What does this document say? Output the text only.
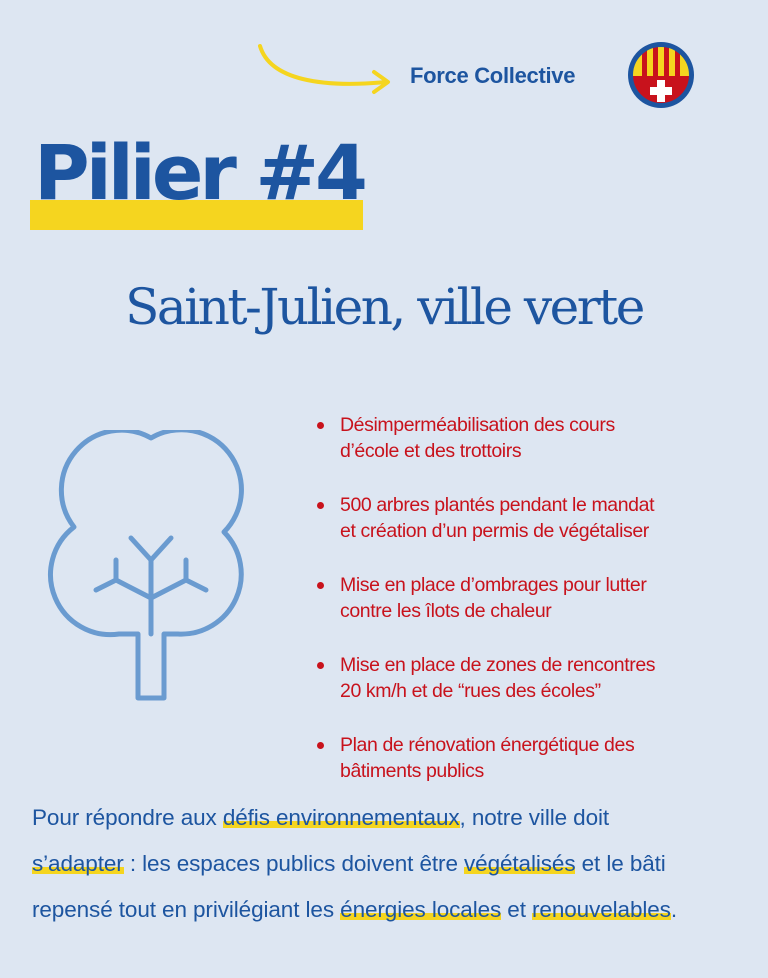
Force Collective
Pilier #4
Saint-Julien, ville verte
Désimperméabilisation des cours
d’école et des trottoirs
500 arbres plantés pendant le mandat
et création d’un permis de végétaliser
Mise en place d’ombrages pour lutter
contre les îlots de chaleur
Mise en place de zones de rencontres
20 km/h et de “rues des écoles”
Plan de rénovation énergétique des
bâtiments publics

Pour répondre aux défis environnementaux, notre ville doit
s’adapter : les espaces publics doivent être végétalisés et le bâti repensé tout en privilégiant les énergies locales et renouvelables.
